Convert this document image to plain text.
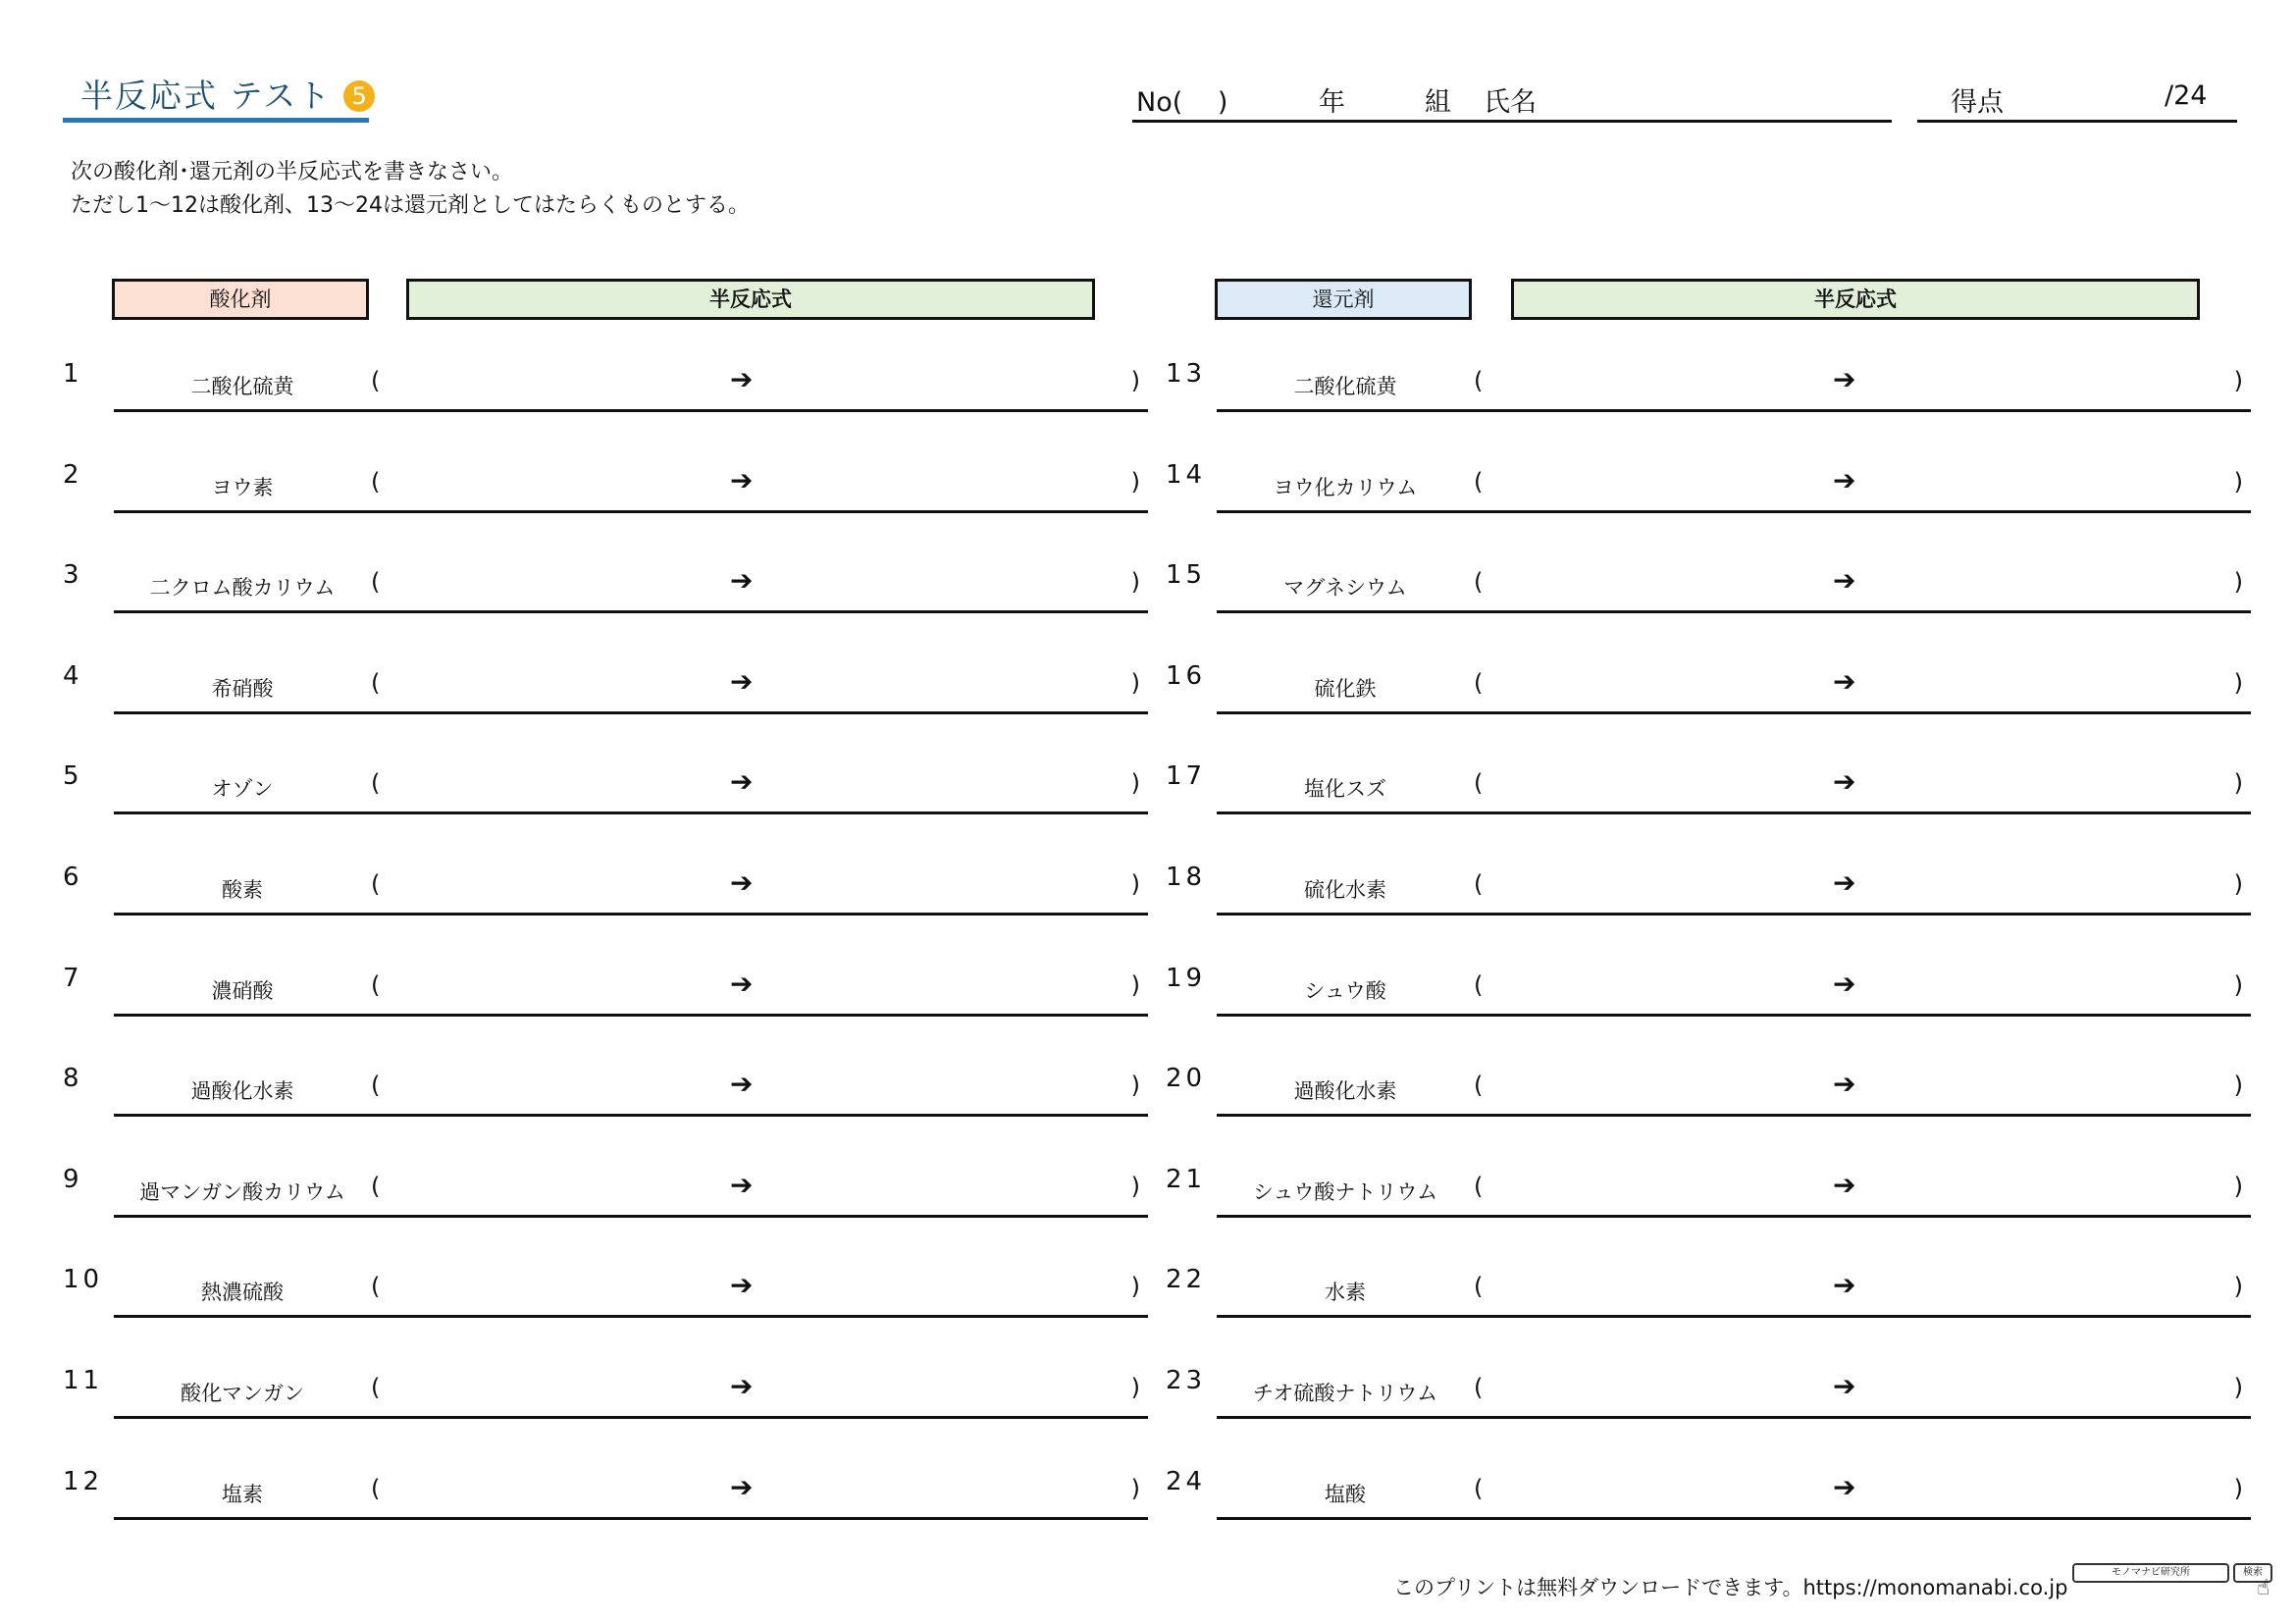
半反応式 テスト 5	No(　 )	年	組 氏名	得点	/24
次の酸化剤･還元剤の半反応式を書きなさい。
ただし1～12は酸化剤、13～24は還元剤としてはたらくものとする。
酸化剤	半反応式	還元剤	半反応式
1	二酸化硫黄	(	➔	)
2	ヨウ素	(	➔	)
3	二クロム酸カリウム	(	➔	)
4	希硝酸	(	➔	)
5	オゾン	(	➔	)
6	酸素	(	➔	)
7	濃硝酸	(	➔	)
8	過酸化水素	(	➔	)
9	過マンガン酸カリウム	(	➔	)
10	熱濃硫酸	(	➔	)
11	酸化マンガン	(	➔	)
12	塩素	(	➔	)
13	二酸化硫黄	(	➔	)
14	ヨウ化カリウム	(	➔	)
15	マグネシウム	(	➔	)
16	硫化鉄	(	➔	)
17	塩化スズ	(	➔	)
18	硫化水素	(	➔	)
19	シュウ酸	(	➔	)
20	過酸化水素	(	➔	)
21	シュウ酸ナトリウム	(	➔	)
22	水素	(	➔	)
23	チオ硫酸ナトリウム	(	➔	)
24	塩酸	(	➔	)
このプリントは無料ダウンロードできます。https://monomanabi.co.jp
モノマナビ研究所	検索
☝
